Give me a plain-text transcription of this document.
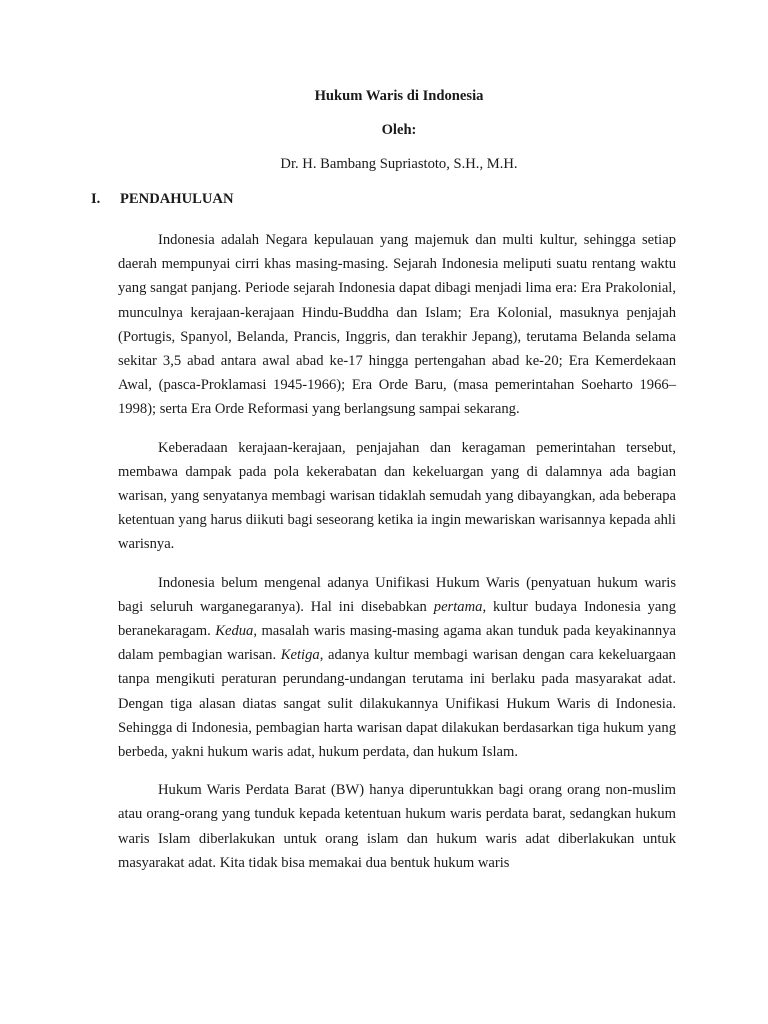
Hukum Waris di Indonesia

Oleh:

Dr. H. Bambang Supriastoto, S.H., M.H.

I.	PENDAHULUAN

Indonesia adalah Negara kepulauan yang majemuk dan multi kultur, sehingga setiap daerah mempunyai cirri khas masing-masing. Sejarah Indonesia meliputi suatu rentang waktu yang sangat panjang. Periode sejarah Indonesia dapat dibagi menjadi lima era: Era Prakolonial, munculnya kerajaan-kerajaan Hindu-Buddha dan Islam; Era Kolonial, masuknya penjajah (Portugis, Spanyol, Belanda, Prancis, Inggris, dan terakhir Jepang), terutama Belanda selama sekitar 3,5 abad antara awal abad ke-17 hingga pertengahan abad ke-20; Era Kemerdekaan Awal, (pasca-Proklamasi 1945-1966); Era Orde Baru, (masa pemerintahan Soeharto 1966–1998); serta Era Orde Reformasi yang berlangsung sampai sekarang.

Keberadaan kerajaan-kerajaan, penjajahan dan keragaman pemerintahan tersebut, membawa dampak pada pola kekerabatan dan kekeluargan yang di dalamnya ada bagian warisan, yang senyatanya membagi warisan tidaklah semudah yang dibayangkan, ada beberapa ketentuan yang harus diikuti bagi seseorang ketika ia ingin mewariskan warisannya kepada ahli warisnya.

Indonesia belum mengenal adanya Unifikasi Hukum Waris (penyatuan hukum waris bagi seluruh warganegaranya). Hal ini disebabkan pertama, kultur budaya Indonesia yang beranekaragam. Kedua, masalah waris masing-masing agama akan tunduk pada keyakinannya dalam pembagian warisan. Ketiga, adanya kultur membagi warisan dengan cara kekeluargaan tanpa mengikuti peraturan perundang-undangan terutama ini berlaku pada masyarakat adat. Dengan tiga alasan diatas sangat sulit dilakukannya Unifikasi Hukum Waris di Indonesia. Sehingga di Indonesia, pembagian harta warisan dapat dilakukan berdasarkan tiga hukum yang berbeda, yakni hukum waris adat, hukum perdata, dan hukum Islam.

Hukum Waris Perdata Barat (BW) hanya diperuntukkan bagi orang orang non-muslim atau orang-orang yang tunduk kepada ketentuan hukum waris perdata barat, sedangkan hukum waris Islam diberlakukan untuk orang islam dan hukum waris adat diberlakukan untuk masyarakat adat. Kita tidak bisa memakai dua bentuk hukum waris
